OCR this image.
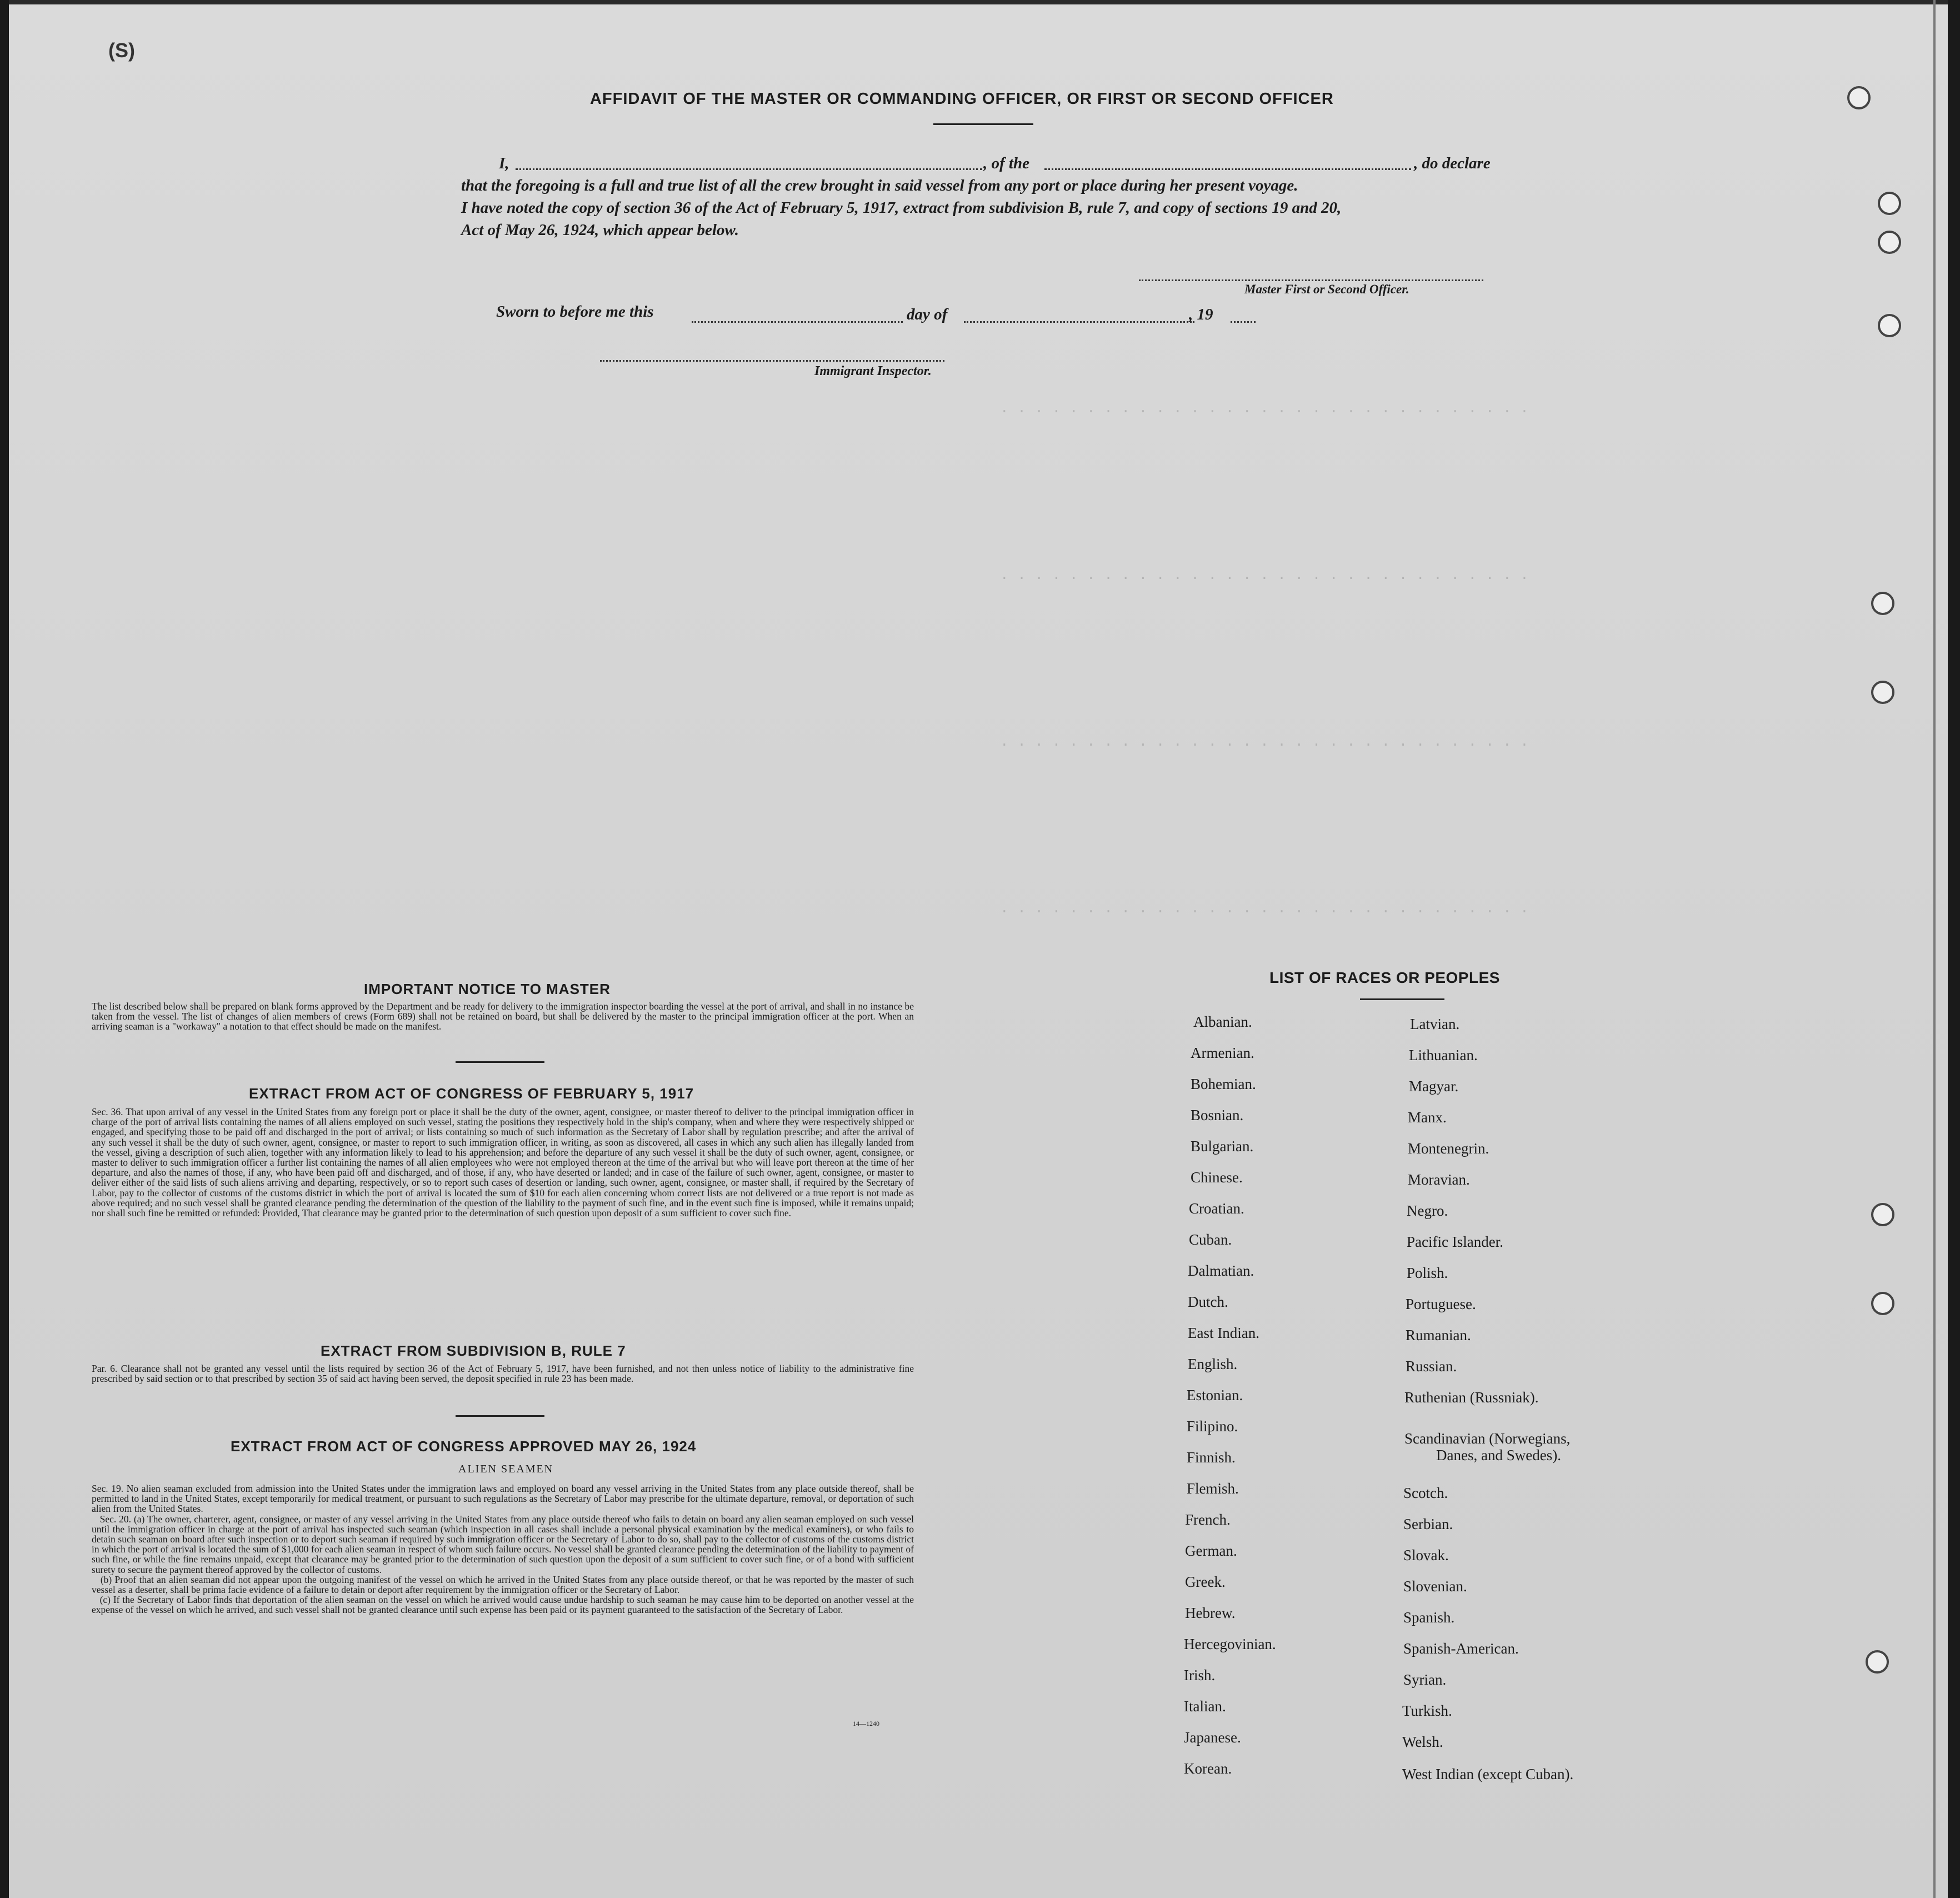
. . . . . . . . . . . . . . . . . . . . . . . . . . . . . . .
. . . . . . . . . . . . . . . . . . . . . . . . . . . . . . .
. . . . . . . . . . . . . . . . . . . . . . . . . . . . . . .
. . . . . . . . . . . . . . . . . . . . . . . . . . . . . . .
(S)
AFFIDAVIT OF THE MASTER OR COMMANDING OFFICER, OR FIRST OR SECOND OFFICER
I,	, of the	, do declare
that the foregoing is a full and true list of all the crew brought in said vessel from any port or place during her present voyage.
I have noted the copy of section 36 of the Act of February 5, 1917, extract from subdivision B, rule 7, and copy of sections 19 and 20,
Act of May 26, 1924, which appear below.
Master First or Second Officer.
Sworn to before me this	day of	, 19
Immigrant Inspector.
IMPORTANT NOTICE TO MASTER
The list described below shall be prepared on blank forms approved by the Department and be ready for delivery to the immigration inspector boarding the vessel at the port of arrival, and shall in no instance be taken from the vessel. The list of changes of alien members of crews (Form 689) shall not be retained on board, but shall be delivered by the master to the principal immigration officer at the port. When an arriving seaman is a "workaway" a notation to that effect should be made on the manifest.
EXTRACT FROM ACT OF CONGRESS OF FEBRUARY 5, 1917
Sec. 36. That upon arrival of any vessel in the United States from any foreign port or place it shall be the duty of the owner, agent, consignee, or master thereof to deliver to the principal immigration officer in charge of the port of arrival lists containing the names of all aliens employed on such vessel, stating the positions they respectively hold in the ship's company, when and where they were respectively shipped or engaged, and specifying those to be paid off and discharged in the port of arrival; or lists containing so much of such information as the Secretary of Labor shall by regulation prescribe; and after the arrival of any such vessel it shall be the duty of such owner, agent, consignee, or master to report to such immigration officer, in writing, as soon as discovered, all cases in which any such alien has illegally landed from the vessel, giving a description of such alien, together with any information likely to lead to his apprehension; and before the departure of any such vessel it shall be the duty of such owner, agent, consignee, or master to deliver to such immigration officer a further list containing the names of all alien employees who were not employed thereon at the time of the arrival but who will leave port thereon at the time of her departure, and also the names of those, if any, who have been paid off and discharged, and of those, if any, who have deserted or landed; and in case of the failure of such owner, agent, consignee, or master to deliver either of the said lists of such aliens arriving and departing, respectively, or so to report such cases of desertion or landing, such owner, agent, consignee, or master shall, if required by the Secretary of Labor, pay to the collector of customs of the customs district in which the port of arrival is located the sum of $10 for each alien concerning whom correct lists are not delivered or a true report is not made as above required; and no such vessel shall be granted clearance pending the determination of the question of the liability to the payment of such fine, and in the event such fine is imposed, while it remains unpaid; nor shall such fine be remitted or refunded: Provided, That clearance may be granted prior to the determination of such question upon deposit of a sum sufficient to cover such fine.
EXTRACT FROM SUBDIVISION B, RULE 7
Par. 6. Clearance shall not be granted any vessel until the lists required by section 36 of the Act of February 5, 1917, have been furnished, and not then unless notice of liability to the administrative fine prescribed by said section or to that prescribed by section 35 of said act having been served, the deposit specified in rule 23 has been made.
EXTRACT FROM ACT OF CONGRESS APPROVED MAY 26, 1924
ALIEN SEAMEN
Sec. 19. No alien seaman excluded from admission into the United States under the immigration laws and employed on board any vessel arriving in the United States from any place outside thereof, shall be permitted to land in the United States, except temporarily for medical treatment, or pursuant to such regulations as the Secretary of Labor may prescribe for the ultimate departure, removal, or deportation of such alien from the United States.
Sec. 20. (a) The owner, charterer, agent, consignee, or master of any vessel arriving in the United States from any place outside thereof who fails to detain on board any alien seaman employed on such vessel until the immigration officer in charge at the port of arrival has inspected such seaman (which inspection in all cases shall include a personal physical examination by the medical examiners), or who fails to detain such seaman on board after such inspection or to deport such seaman if required by such immigration officer or the Secretary of Labor to do so, shall pay to the collector of customs of the customs district in which the port of arrival is located the sum of $1,000 for each alien seaman in respect of whom such failure occurs. No vessel shall be granted clearance pending the determination of the liability to payment of such fine, or while the fine remains unpaid, except that clearance may be granted prior to the determination of such question upon the deposit of a sum sufficient to cover such fine, or of a bond with sufficient surety to secure the payment thereof approved by the collector of customs.
(b) Proof that an alien seaman did not appear upon the outgoing manifest of the vessel on which he arrived in the United States from any place outside thereof, or that he was reported by the master of such vessel as a deserter, shall be prima facie evidence of a failure to detain or deport after requirement by the immigration officer or the Secretary of Labor.
(c) If the Secretary of Labor finds that deportation of the alien seaman on the vessel on which he arrived would cause undue hardship to such seaman he may cause him to be deported on another vessel at the expense of the vessel on which he arrived, and such vessel shall not be granted clearance until such expense has been paid or its payment guaranteed to the satisfaction of the Secretary of Labor.
14—1240
LIST OF RACES OR PEOPLES
Albanian.
Armenian.
Bohemian.
Bosnian.
Bulgarian.
Chinese.
Croatian.
Cuban.
Dalmatian.
Dutch.
East Indian.
English.
Estonian.
Filipino.
Finnish.
Flemish.
French.
German.
Greek.
Hebrew.
Hercegovinian.
Irish.
Italian.
Japanese.
Korean.
Latvian.
Lithuanian.
Magyar.
Manx.
Montenegrin.
Moravian.
Negro.
Pacific Islander.
Polish.
Portuguese.
Rumanian.
Russian.
Ruthenian (Russniak).
Scandinavian (Norwegians,
Danes, and Swedes).
Scotch.
Serbian.
Slovak.
Slovenian.
Spanish.
Spanish-American.
Syrian.
Turkish.
Welsh.
West Indian (except Cuban).
